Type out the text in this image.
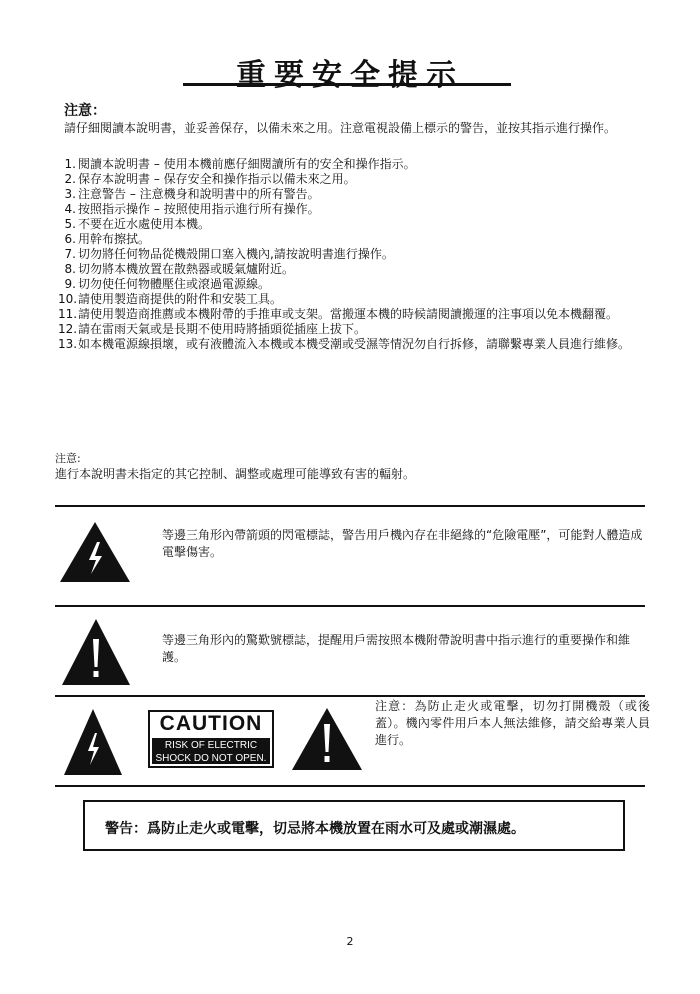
重要安全提示
注意：
請仔細閱讀本說明書，並妥善保存，以備未來之用。注意電視設備上標示的警告，並按其指示進行操作。
1. 閱讀本說明書 – 使用本機前應仔細閱讀所有的安全和操作指示。
2. 保存本說明書 – 保存安全和操作指示以備未來之用。
3. 注意警告 – 注意機身和說明書中的所有警告。
4. 按照指示操作 – 按照使用指示進行所有操作。
5. 不要在近水處使用本機。
6. 用幹布擦拭。
7. 切勿將任何物品從機殼開口塞入機內,請按說明書進行操作。
8. 切勿將本機放置在散熱器或暖氣爐附近。
9. 切勿使任何物體壓住或滾過電源線。
10.請使用製造商提供的附件和安裝工具。
11.請使用製造商推薦或本機附帶的手推車或支架。當搬運本機的時候請閱讀搬運的注事項以免本機翻覆。
12.請在雷雨天氣或是長期不使用時將插頭從插座上拔下。
13.如本機電源線損壞，或有液體流入本機或本機受潮或受濕等情況勿自行拆修，請聯繫專業人員進行維修。
注意:
進行本說明書未指定的其它控制、調整或處理可能導致有害的輻射。
等邊三角形內帶箭頭的閃電標誌，警告用戶機內存在非絕緣的“危險電壓”，可能對人體造成電擊傷害。
等邊三角形內的驚歎號標誌，提醒用戶需按照本機附帶說明書中指示進行的重要操作和維護。
CAUTION
RISK OF ELECTRIC
SHOCK DO NOT OPEN.
注意：為防止走火或電擊，切勿打開機殼（或後蓋）。機內零件用戶本人無法維修，請交給專業人員進行。
警告：爲防止走火或電擊，切忌將本機放置在雨水可及處或潮濕處。
2
